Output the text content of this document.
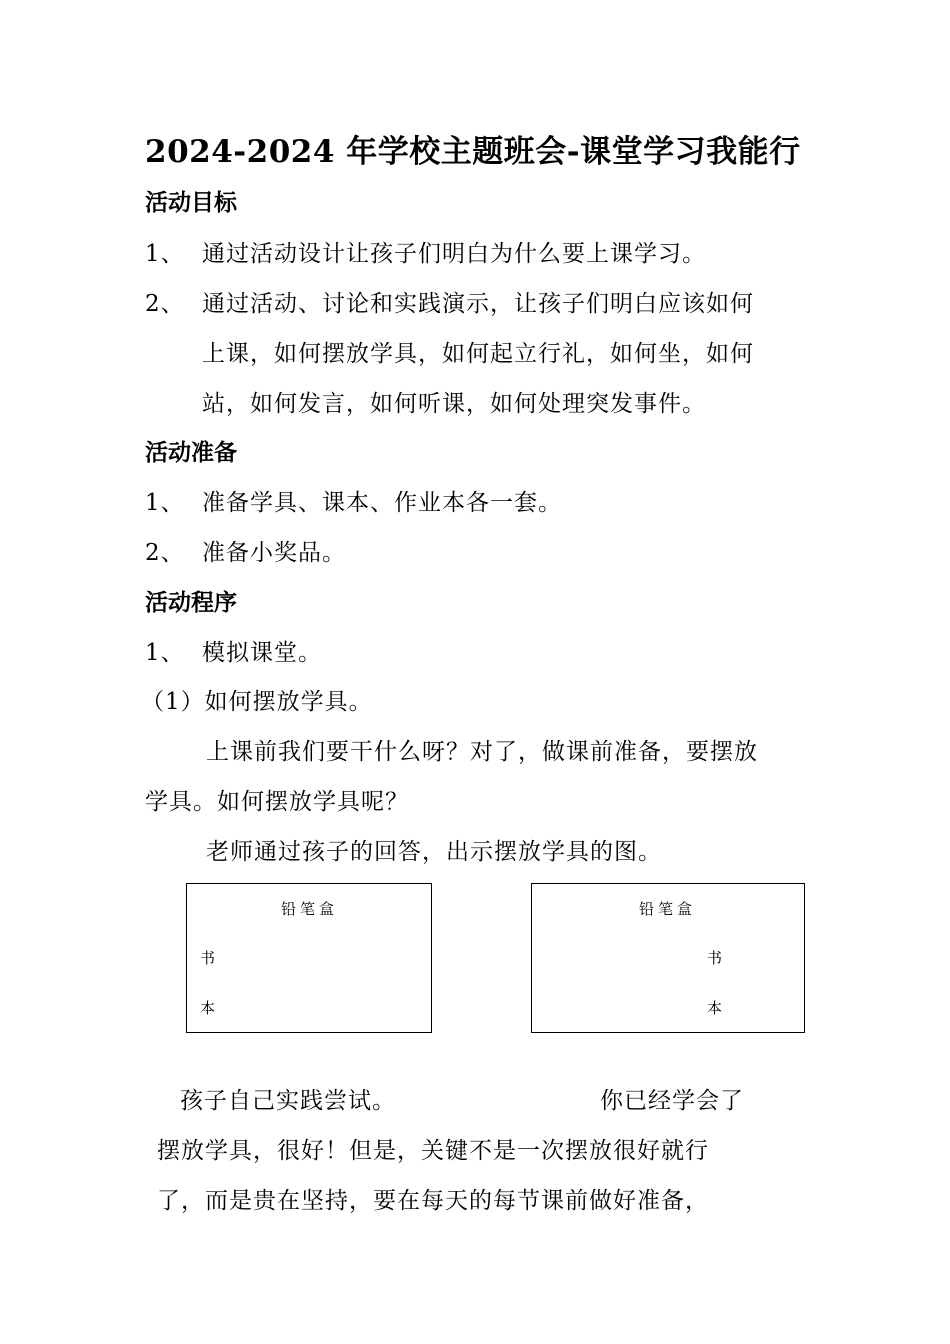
2024-2024 年学校主题班会-课堂学习我能行
活动目标
1、 通过活动设计让孩子们明白为什么要上课学习。
2、 通过活动、讨论和实践演示，让孩子们明白应该如何
上课，如何摆放学具，如何起立行礼，如何坐，如何
站，如何发言，如何听课，如何处理突发事件。
活动准备
1、 准备学具、课本、作业本各一套。
2、 准备小奖品。
活动程序
1、 模拟课堂。
（1）如何摆放学具。
上课前我们要干什么呀？对了，做课前准备，要摆放
学具。如何摆放学具呢？
老师通过孩子的回答，出示摆放学具的图。
铅笔盒
书
本
铅笔盒
书
本
孩子自己实践尝试。	你已经学会了
摆放学具，很好！但是，关键不是一次摆放很好就行
了，而是贵在坚持，要在每天的每节课前做好准备，
